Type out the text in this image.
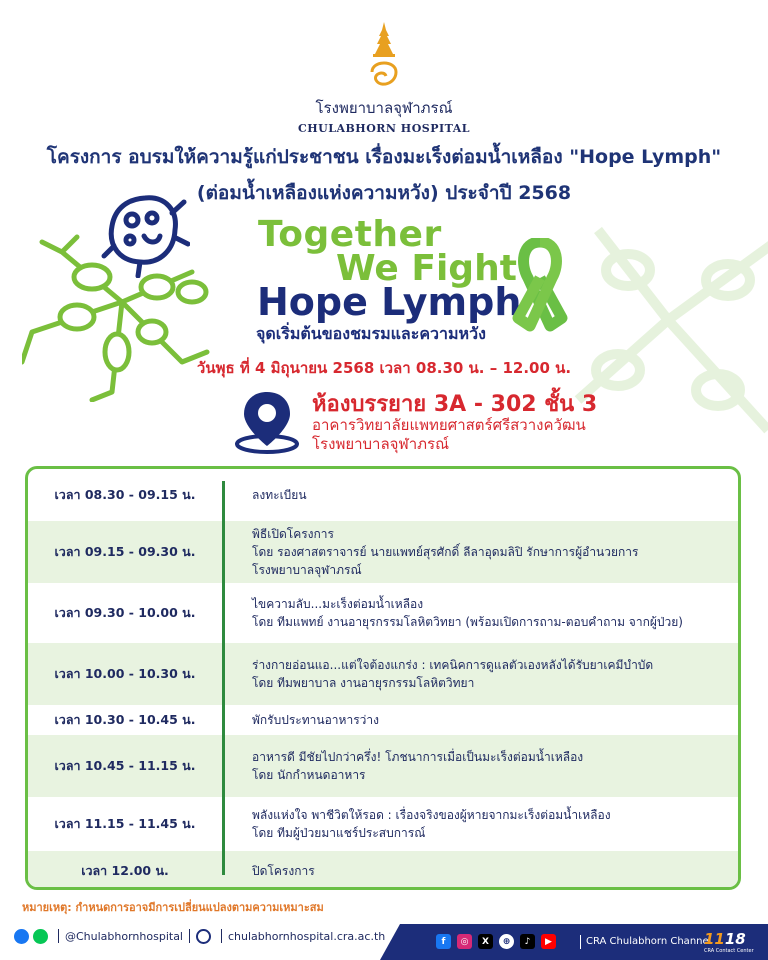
โรงพยาบาลจุฬาภรณ์
CHULABHORN HOSPITAL
โครงการ อบรมให้ความรู้แก่ประชาชน เรื่องมะเร็งต่อมน้ำเหลือง "Hope Lymph"
(ต่อมน้ำเหลืองแห่งความหวัง) ประจำปี 2568
Together
We Fight
Hope Lymph
จุดเริ่มต้นของชมรมและความหวัง
วันพุธ ที่ 4 มิถุนายน 2568 เวลา 08.30 น. – 12.00 น.
ห้องบรรยาย 3A - 302 ชั้น 3
อาคารวิทยาลัยแพทยศาสตร์ศรีสวางควัฒน
โรงพยาบาลจุฬาภรณ์
เวลา 08.30 - 09.15 น.	ลงทะเบียน
เวลา 09.15 - 09.30 น.
พิธีเปิดโครงการ
โดย รองศาสตราจารย์ นายแพทย์สุรศักดิ์ ลีลาอุดมลิปิ รักษาการผู้อำนวยการ
โรงพยาบาลจุฬาภรณ์
เวลา 09.30 - 10.00 น.
ไขความลับ...มะเร็งต่อมน้ำเหลือง
โดย ทีมแพทย์ งานอายุรกรรมโลหิตวิทยา (พร้อมเปิดการถาม-ตอบคำถาม จากผู้ป่วย)
เวลา 10.00 - 10.30 น.
ร่างกายอ่อนแอ...แต่ใจต้องแกร่ง : เทคนิคการดูแลตัวเองหลังได้รับยาเคมีบำบัด
โดย ทีมพยาบาล งานอายุรกรรมโลหิตวิทยา
เวลา 10.30 - 10.45 น.	พักรับประทานอาหารว่าง
เวลา 10.45 - 11.15 น.
อาหารดี มีชัยไปกว่าครึ่ง! โภชนาการเมื่อเป็นมะเร็งต่อมน้ำเหลือง
โดย นักกำหนดอาหาร
เวลา 11.15 - 11.45 น.
พลังแห่งใจ พาชีวิตให้รอด : เรื่องจริงของผู้หายจากมะเร็งต่อมน้ำเหลือง
โดย ทีมผู้ป่วยมาแชร์ประสบการณ์
เวลา 12.00 น.	ปิดโครงการ
หมายเหตุ: กำหนดการอาจมีการเปลี่ยนแปลงตามความเหมาะสม
@Chulabhornhospital	chulabhornhospital.cra.ac.th	f	◎	X	⊕	♪	▶	CRA Chulabhorn Channel
1118
CRA Contact Center
